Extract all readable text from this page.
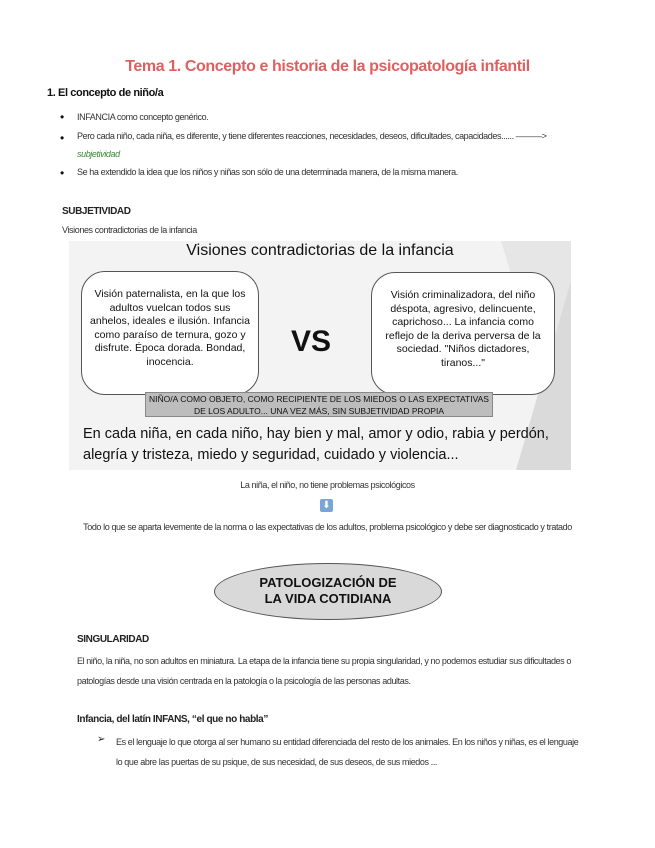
Tema 1. Concepto e historia de la psicopatología infantil
1. El concepto de niño/a
• INFANCIA como concepto genérico.
• Pero cada niño, cada niña, es diferente, y tiene diferentes reacciones, necesidades, deseos, dificultades, capacidades...... ———>
subjetividad
• Se ha extendido la idea que los niños y niñas son sólo de una determinada manera, de la misma manera.
SUBJETIVIDAD
Visiones contradictorias de la infancia
Visiones contradictorias de la infancia
Visión paternalista, en la que los adultos vuelcan todos sus anhelos, ideales e ilusión. Infancia como paraíso de ternura, gozo y disfrute. Época dorada. Bondad, inocencia.
VS
Visión criminalizadora, del niño déspota, agresivo, delincuente, caprichoso... La infancia como reflejo de la deriva perversa de la sociedad. "Niños dictadores, tiranos..."
NIÑO/A COMO OBJETO, COMO RECIPIENTE DE LOS MIEDOS O LAS EXPECTATIVAS DE LOS ADULTO... UNA VEZ MÁS, SIN SUBJETIVIDAD PROPIA
En cada niña, en cada niño, hay bien y mal, amor y odio, rabia y perdón, alegría y tristeza, miedo y seguridad, cuidado y violencia...
La niña, el niño, no tiene problemas psicológicos
⬇
Todo lo que se aparta levemente de la norma o las expectativas de los adultos, problema psicológico y debe ser diagnosticado y tratado
PATOLOGIZACIÓN DE LA VIDA COTIDIANA
SINGULARIDAD
El niño, la niña, no son adultos en miniatura. La etapa de la infancia tiene su propia singularidad, y no podemos estudiar sus dificultades o patologías desde una visión centrada en la patología o la psicología de las personas adultas.
Infancia, del latín INFANS, “el que no habla”
➢ Es el lenguaje lo que otorga al ser humano su entidad diferenciada del resto de los animales. En los niños y niñas, es el lenguaje lo que abre las puertas de su psique, de sus necesidad, de sus deseos, de sus miedos ...
